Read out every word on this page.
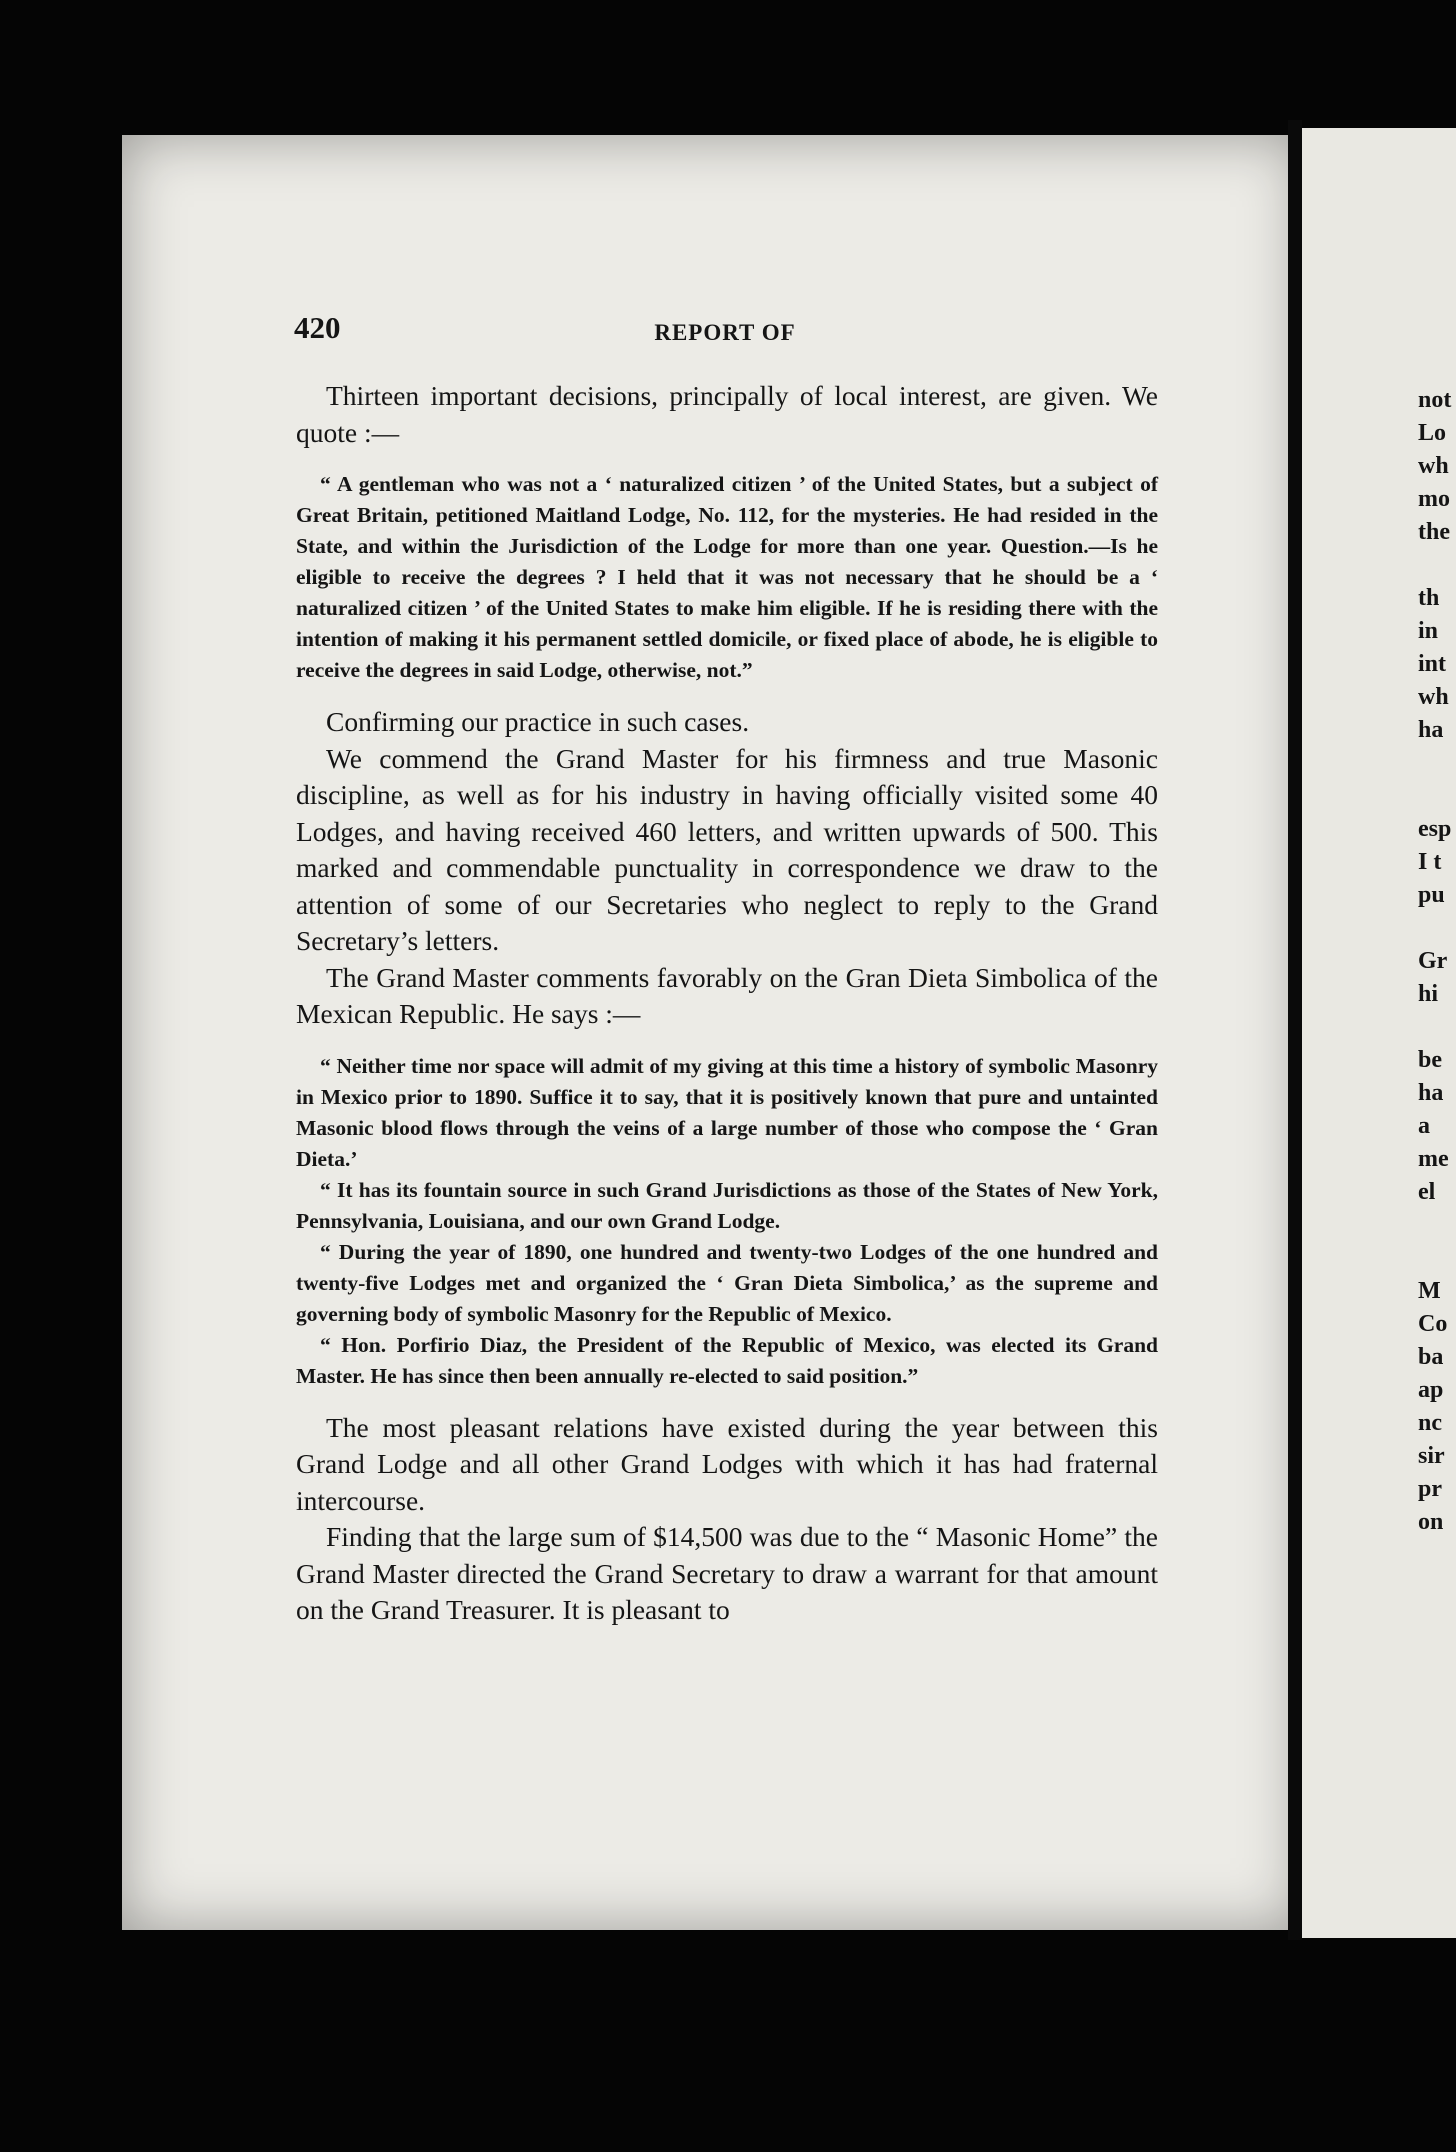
420	REPORT OF

Thirteen important decisions, principally of local interest, are given. We quote :—

“ A gentleman who was not a ‘ naturalized citizen ’ of the United States, but a subject of Great Britain, petitioned Maitland Lodge, No. 112, for the mysteries. He had resided in the State, and within the Jurisdiction of the Lodge for more than one year. Question.—Is he eligible to receive the degrees ? I held that it was not necessary that he should be a ‘ naturalized citizen ’ of the United States to make him eligible. If he is residing there with the intention of making it his permanent settled domicile, or fixed place of abode, he is eligible to receive the degrees in said Lodge, otherwise, not.”

Confirming our practice in such cases.

We commend the Grand Master for his firmness and true Masonic discipline, as well as for his industry in having officially visited some 40 Lodges, and having received 460 letters, and written upwards of 500. This marked and commendable punctuality in correspondence we draw to the attention of some of our Secretaries who neglect to reply to the Grand Secretary’s letters.

The Grand Master comments favorably on the Gran Dieta Simbolica of the Mexican Republic. He says :—

“ Neither time nor space will admit of my giving at this time a history of symbolic Masonry in Mexico prior to 1890. Suffice it to say, that it is positively known that pure and untainted Masonic blood flows through the veins of a large number of those who compose the ‘ Gran Dieta.’

“ It has its fountain source in such Grand Jurisdictions as those of the States of New York, Pennsylvania, Louisiana, and our own Grand Lodge.

“ During the year of 1890, one hundred and twenty-two Lodges of the one hundred and twenty-five Lodges met and organized the ‘ Gran Dieta Simbolica,’ as the supreme and governing body of symbolic Masonry for the Republic of Mexico.

“ Hon. Porfirio Diaz, the President of the Republic of Mexico, was elected its Grand Master. He has since then been annually re-elected to said position.”

The most pleasant relations have existed during the year between this Grand Lodge and all other Grand Lodges with which it has had fraternal intercourse.

Finding that the large sum of $14,500 was due to the “ Masonic Home” the Grand Master directed the Grand Secretary to draw a warrant for that amount on the Grand Treasurer. It is pleasant to

not
Lo
wh
mo
the
th
in
int
wh
ha
esp
I t
pu
Gr
hi
be
ha
a
me
el
M
Co
ba
ap
nc
sir
pr
on
